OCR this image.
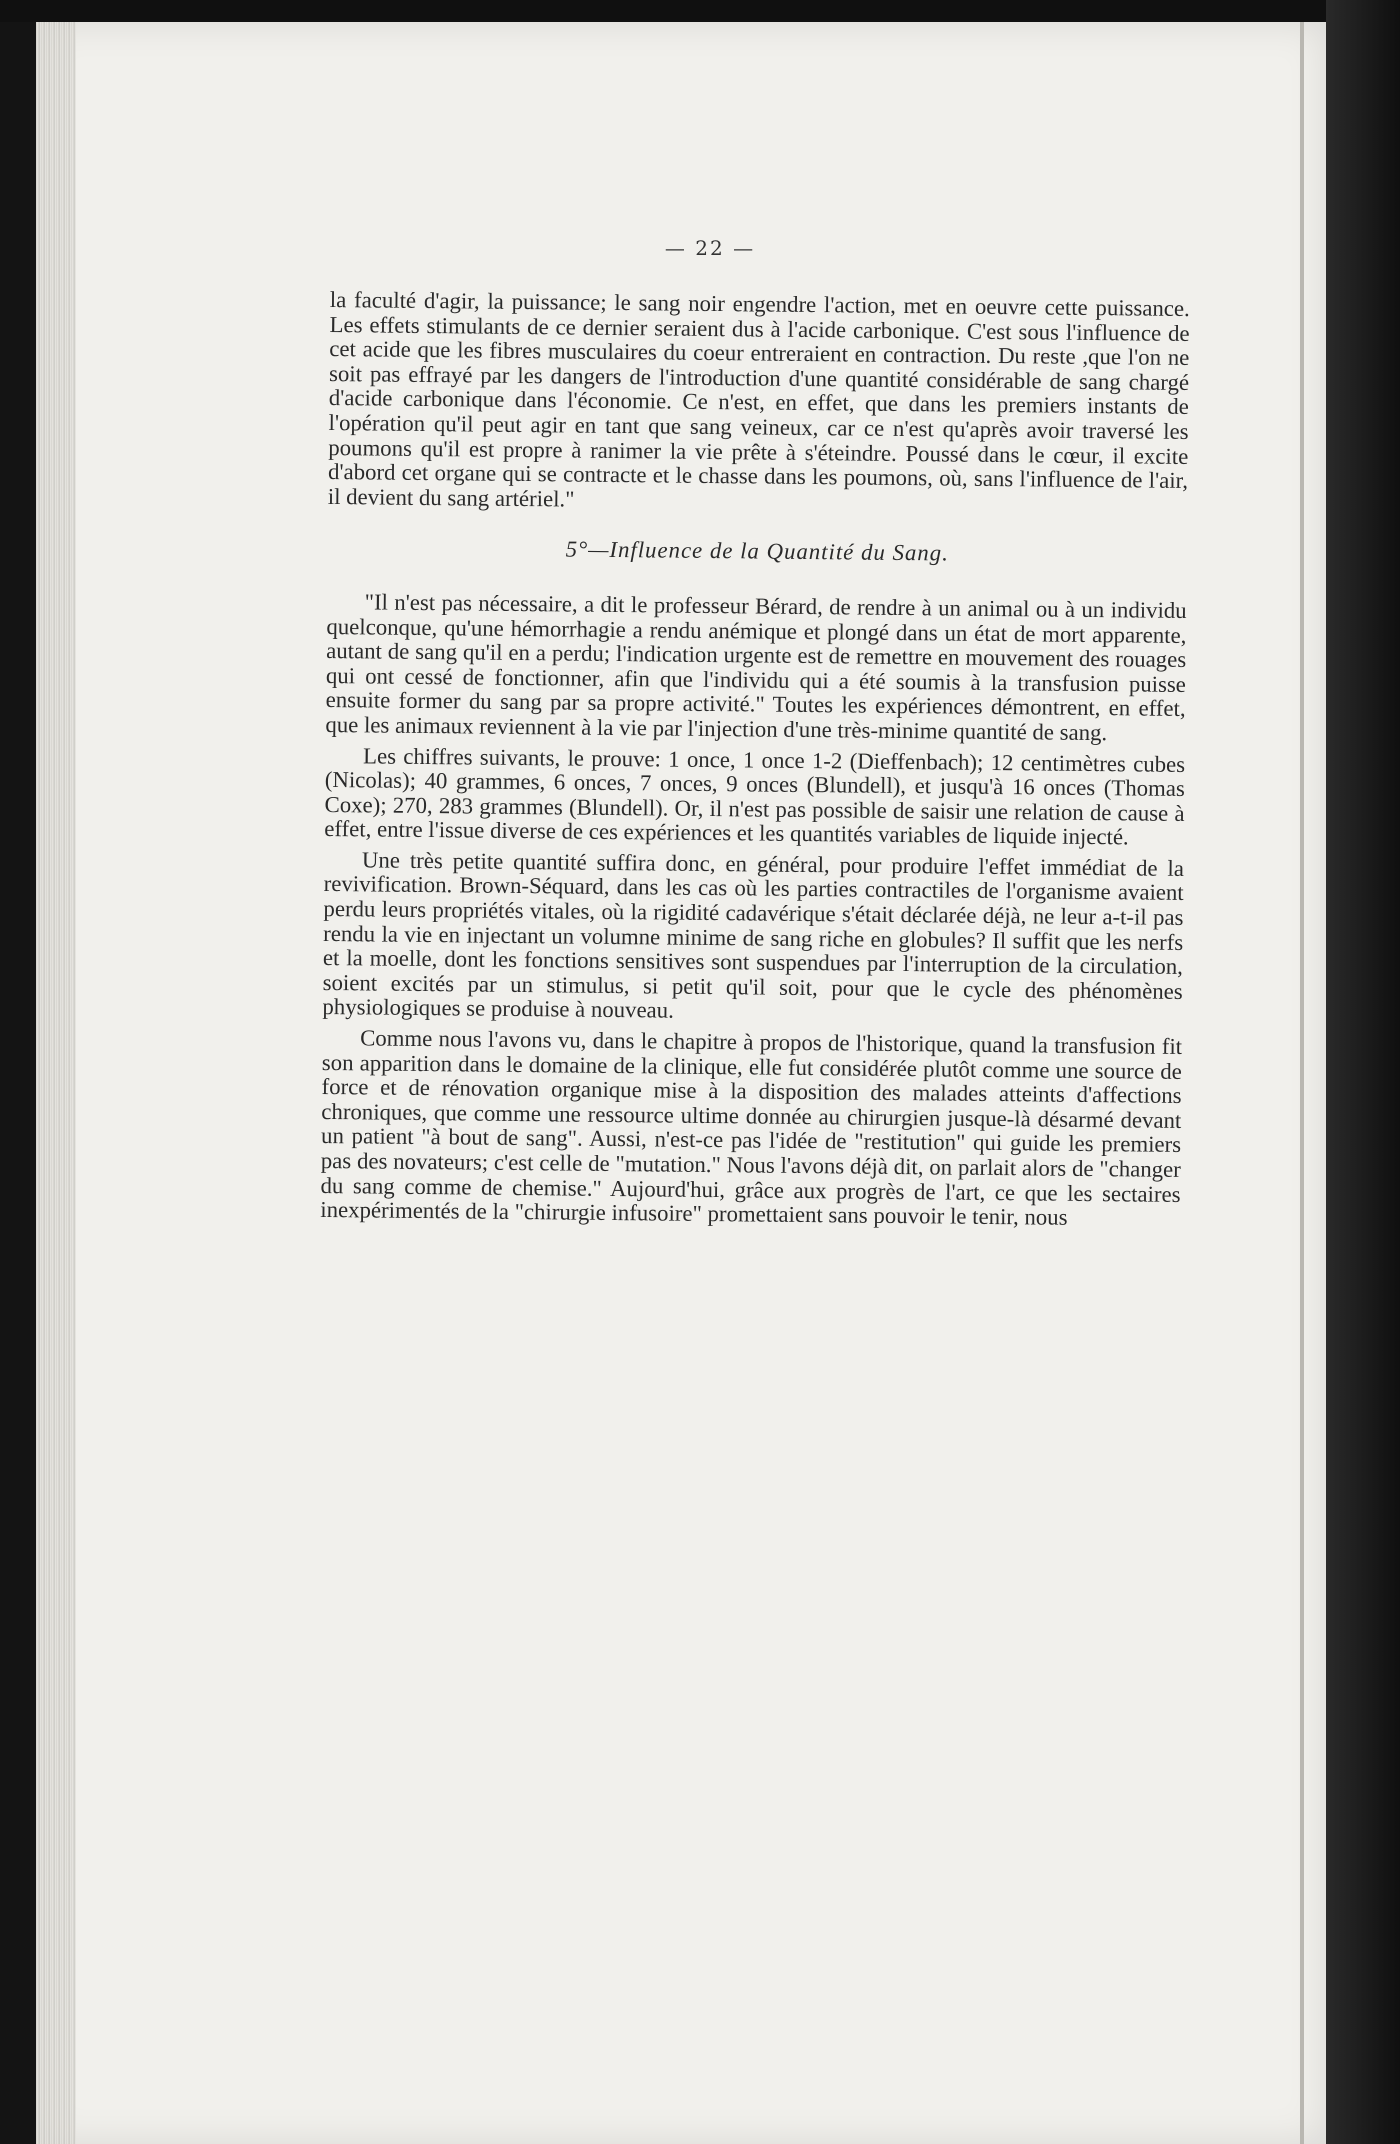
— 22 —

la faculté d'agir, la puissance; le sang noir engendre l'action, met en oeuvre cette puissance. Les effets stimulants de ce dernier seraient dus à l'acide carbonique. C'est sous l'influence de cet acide que les fibres musculaires du coeur entreraient en contraction. Du reste ,que l'on ne soit pas effrayé par les dangers de l'introduction d'une quantité considérable de sang chargé d'acide carbonique dans l'économie. Ce n'est, en effet, que dans les premiers instants de l'opération qu'il peut agir en tant que sang veineux, car ce n'est qu'après avoir traversé les poumons qu'il est propre à ranimer la vie prête à s'éteindre. Poussé dans le cœur, il excite d'abord cet organe qui se contracte et le chasse dans les poumons, où, sans l'influence de l'air, il devient du sang artériel."

5°—Influence de la Quantité du Sang.

"Il n'est pas nécessaire, a dit le professeur Bérard, de rendre à un animal ou à un individu quelconque, qu'une hémorrhagie a rendu anémique et plongé dans un état de mort apparente, autant de sang qu'il en a perdu; l'indication urgente est de remettre en mouvement des rouages qui ont cessé de fonctionner, afin que l'individu qui a été soumis à la transfusion puisse ensuite former du sang par sa propre activité." Toutes les expériences démontrent, en effet, que les animaux reviennent à la vie par l'injection d'une très-minime quantité de sang.

Les chiffres suivants, le prouve: 1 once, 1 once 1-2 (Dieffenbach); 12 centimètres cubes (Nicolas); 40 grammes, 6 onces, 7 onces, 9 onces (Blundell), et jusqu'à 16 onces (Thomas Coxe); 270, 283 grammes (Blundell). Or, il n'est pas possible de saisir une relation de cause à effet, entre l'issue diverse de ces expériences et les quantités variables de liquide injecté.

Une très petite quantité suffira donc, en général, pour produire l'effet immédiat de la revivification. Brown-Séquard, dans les cas où les parties contractiles de l'organisme avaient perdu leurs propriétés vitales, où la rigidité cadavérique s'était déclarée déjà, ne leur a-t-il pas rendu la vie en injectant un volumne minime de sang riche en globules? Il suffit que les nerfs et la moelle, dont les fonctions sensitives sont suspendues par l'interruption de la circulation, soient excités par un stimulus, si petit qu'il soit, pour que le cycle des phénomènes physiologiques se produise à nouveau.

Comme nous l'avons vu, dans le chapitre à propos de l'historique, quand la transfusion fit son apparition dans le domaine de la clinique, elle fut considérée plutôt comme une source de force et de rénovation organique mise à la disposition des malades atteints d'affections chroniques, que comme une ressource ultime donnée au chirurgien jusque-là désarmé devant un patient "à bout de sang". Aussi, n'est-ce pas l'idée de "restitution" qui guide les premiers pas des novateurs; c'est celle de "mutation." Nous l'avons déjà dit, on parlait alors de "changer du sang comme de chemise." Aujourd'hui, grâce aux progrès de l'art, ce que les sectaires inexpérimentés de la "chirurgie infusoire" promettaient sans pouvoir le tenir, nous
